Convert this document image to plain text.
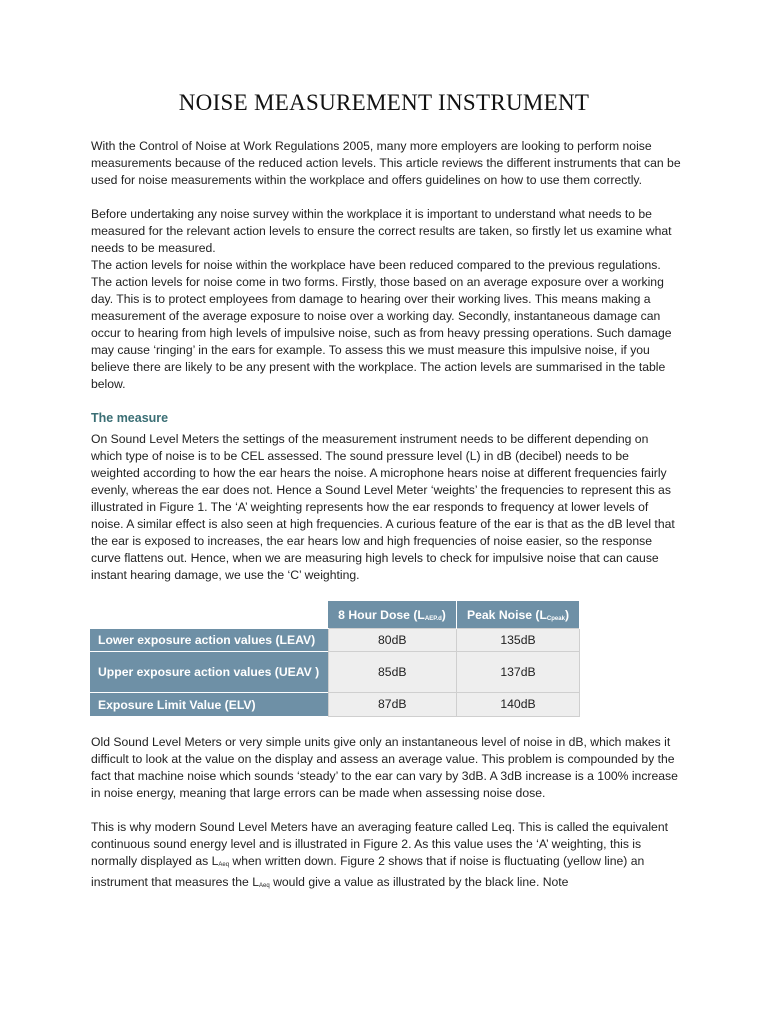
NOISE MEASUREMENT INSTRUMENT

With the Control of Noise at Work Regulations 2005, many more employers are looking to perform noise measurements because of the reduced action levels. This article reviews the different instruments that can be used for noise measurements within the workplace and offers guidelines on how to use them correctly.

Before undertaking any noise survey within the workplace it is important to understand what needs to be measured for the relevant action levels to ensure the correct results are taken, so firstly let us examine what needs to be measured.

The action levels for noise within the workplace have been reduced compared to the previous regulations. The action levels for noise come in two forms. Firstly, those based on an average exposure over a working day. This is to protect employees from damage to hearing over their working lives. This means making a measurement of the average exposure to noise over a working day. Secondly, instantaneous damage can occur to hearing from high levels of impulsive noise, such as from heavy pressing operations. Such damage may cause ‘ringing’ in the ears for example. To assess this we must measure this impulsive noise, if you believe there are likely to be any present with the workplace. The action levels are summarised in the table below.

The measure

On Sound Level Meters the settings of the measurement instrument needs to be different depending on which type of noise is to be CEL assessed. The sound pressure level (L) in dB (decibel) needs to be weighted according to how the ear hears the noise. A microphone hears noise at different frequencies fairly evenly, whereas the ear does not. Hence a Sound Level Meter ‘weights’ the frequencies to represent this as illustrated in Figure 1. The ‘A’ weighting represents how the ear responds to frequency at lower levels of noise. A similar effect is also seen at high frequencies. A curious feature of the ear is that as the dB level that the ear is exposed to increases, the ear hears low and high frequencies of noise easier, so the response curve flattens out. Hence, when we are measuring high levels to check for impulsive noise that can cause instant hearing damage, we use the ‘C’ weighting.

	8 Hour Dose $(L_{AEP.d})$	Peak Noise $(L_{Cpeak})$
Lower exposure action values (LEAV)	80dB	135dB
Upper exposure action values (UEAV )	85dB	137dB
Exposure Limit Value (ELV)	87dB	140dB

Old Sound Level Meters or very simple units give only an instantaneous level of noise in dB, which makes it difficult to look at the value on the display and assess an average value. This problem is compounded by the fact that machine noise which sounds ‘steady’ to the ear can vary by 3dB. A 3dB increase is a 100% increase in noise energy, meaning that large errors can be made when assessing noise dose.

This is why modern Sound Level Meters have an averaging feature called Leq. This is called the equivalent continuous sound energy level and is illustrated in Figure 2. As this value uses the ‘A’ weighting, this is normally displayed as $L_{Aeq}$ when written down. Figure 2 shows that if noise is fluctuating (yellow line) an instrument that measures the $L_{Aeq}$ would give a value as illustrated by the black line. Note
